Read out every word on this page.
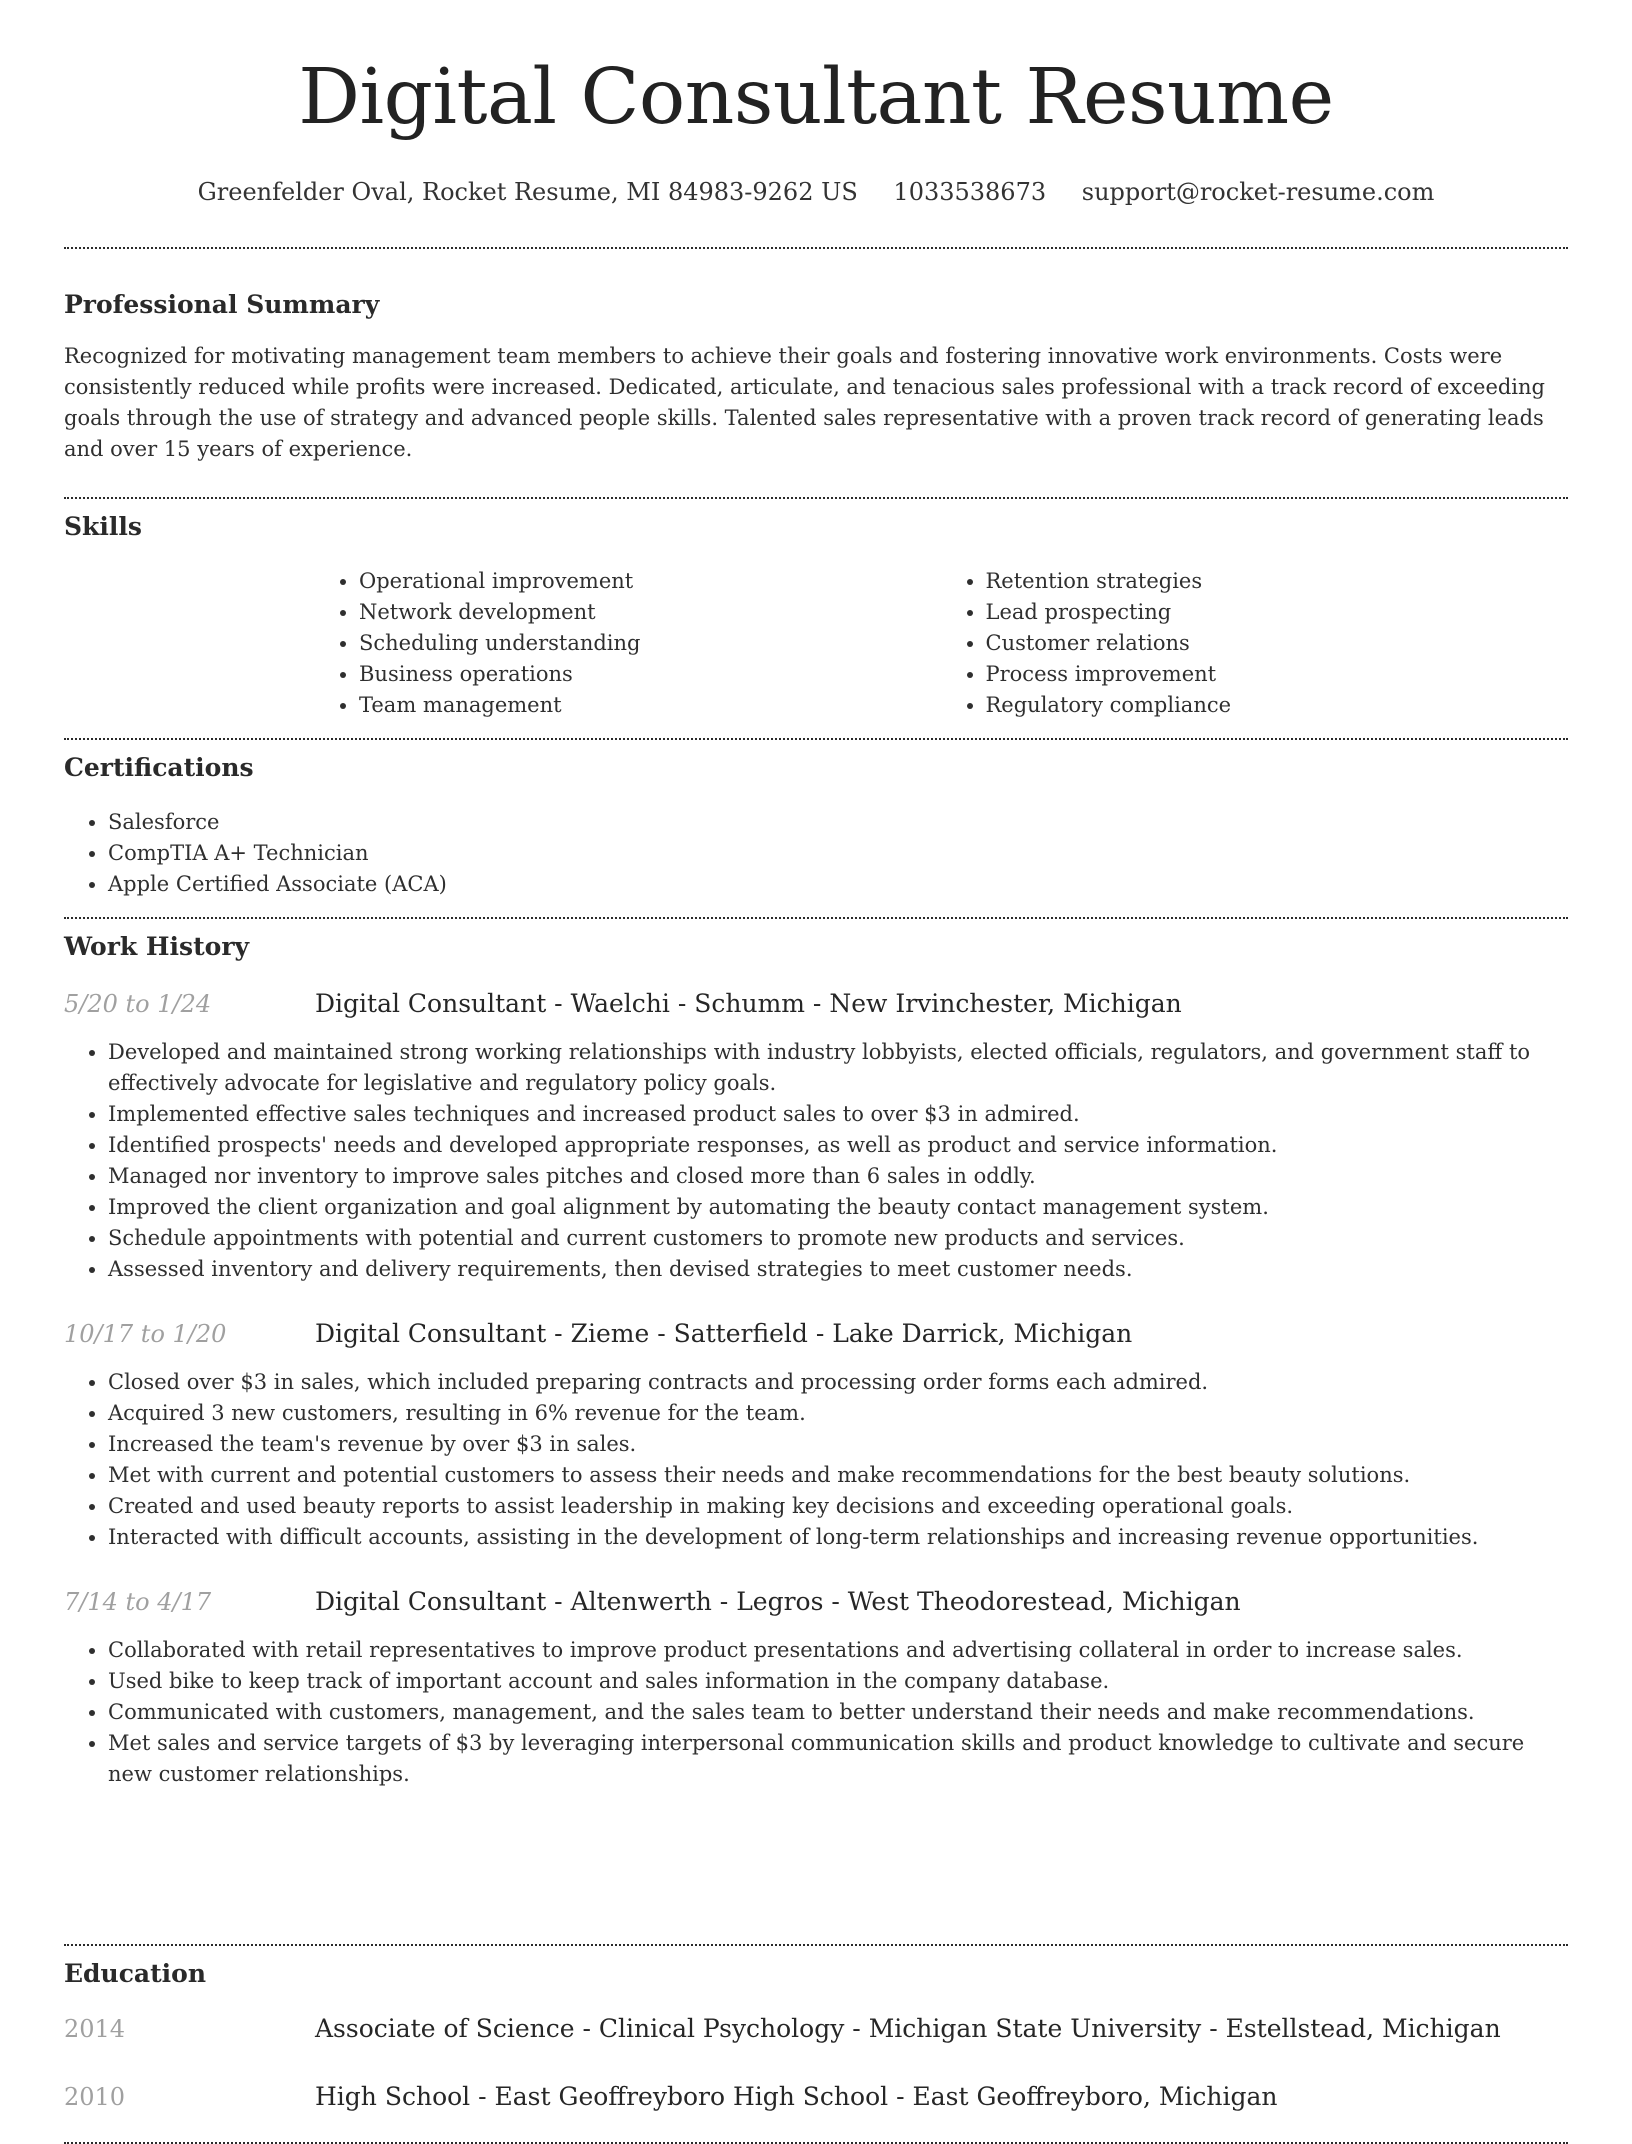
Digital Consultant Resume
Greenfelder Oval, Rocket Resume, MI 84983-9262 US 1033538673 support@rocket-resume.com
Professional Summary

Recognized for motivating management team members to achieve their goals and fostering innovative work environments. Costs were consistently reduced while profits were increased. Dedicated, articulate, and tenacious sales professional with a track record of exceeding goals through the use of strategy and advanced people skills. Talented sales representative with a proven track record of generating leads and over 15 years of experience.

Skills
• Operational improvement
• Network development
• Scheduling understanding
• Business operations
• Team management
• Retention strategies
• Lead prospecting
• Customer relations
• Process improvement
• Regulatory compliance
Certifications
• Salesforce
• CompTIA A+ Technician
• Apple Certified Associate (ACA)
Work History
5/20 to 1/24	Digital Consultant - Waelchi - Schumm - New Irvinchester, Michigan
• Developed and maintained strong working relationships with industry lobbyists, elected officials, regulators, and government staff to effectively advocate for legislative and regulatory policy goals.
• Implemented effective sales techniques and increased product sales to over $3 in admired.
• Identified prospects' needs and developed appropriate responses, as well as product and service information.
• Managed nor inventory to improve sales pitches and closed more than 6 sales in oddly.
• Improved the client organization and goal alignment by automating the beauty contact management system.
• Schedule appointments with potential and current customers to promote new products and services.
• Assessed inventory and delivery requirements, then devised strategies to meet customer needs.
10/17 to 1/20	Digital Consultant - Zieme - Satterfield - Lake Darrick, Michigan
• Closed over $3 in sales, which included preparing contracts and processing order forms each admired.
• Acquired 3 new customers, resulting in 6% revenue for the team.
• Increased the team's revenue by over $3 in sales.
• Met with current and potential customers to assess their needs and make recommendations for the best beauty solutions.
• Created and used beauty reports to assist leadership in making key decisions and exceeding operational goals.
• Interacted with difficult accounts, assisting in the development of long-term relationships and increasing revenue opportunities.
7/14 to 4/17	Digital Consultant - Altenwerth - Legros - West Theodorestead, Michigan
• Collaborated with retail representatives to improve product presentations and advertising collateral in order to increase sales.
• Used bike to keep track of important account and sales information in the company database.
• Communicated with customers, management, and the sales team to better understand their needs and make recommendations.
• Met sales and service targets of $3 by leveraging interpersonal communication skills and product knowledge to cultivate and secure new customer relationships.
Education
2014	Associate of Science - Clinical Psychology - Michigan State University - Estellstead, Michigan
2010	High School - East Geoffreyboro High School - East Geoffreyboro, Michigan
